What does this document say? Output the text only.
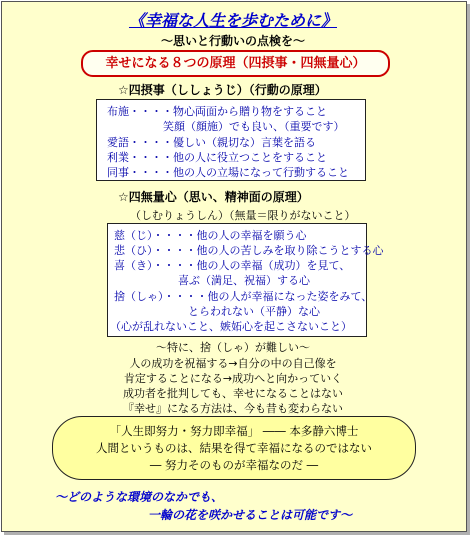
《幸福な人生を歩むために》
～思いと行動いの点検を～
幸せになる８つの原理（四摂事・四無量心）
☆四摂事（ししょうじ）（行動の原理）
布施・・・・物心両面から贈り物をすること
笑顔（顔施）でも良い、（重要です）
愛語・・・・優しい（親切な）言葉を語る
利業・・・・他の人に役立つことをすること
同事・・・・他の人の立場になって行動すること
☆四無量心（思い、精神面の原理）
（しむりょうしん）（無量＝限りがないこと）
慈（じ）・・・・他の人の幸福を願う心
悲（ひ）・・・・他の人の苦しみを取り除こうとする心
喜（き）・・・・他の人の幸福（成功）を見て、
喜ぶ（満足、祝福）する心
捨（しゃ）・・・・他の人が幸福になった姿をみて、
とらわれない（平静）な心
（心が乱れないこと、嫉妬心を起こさないこと）
～特に、捨（しゃ）が難しい～
人の成功を祝福する→自分の中の自己像を
肯定することになる→成功へと向かっていく
成功者を批判しても、幸せになることはない
『幸せ』になる方法は、今も昔も変わらない
「人生即努力・努力即幸福」 ―― 本多静六博士
人間というものは、結果を得て幸福になるのではない
― 努力そのものが幸福なのだ ―
～どのような環境のなかでも、
一輪の花を咲かせることは可能です～
